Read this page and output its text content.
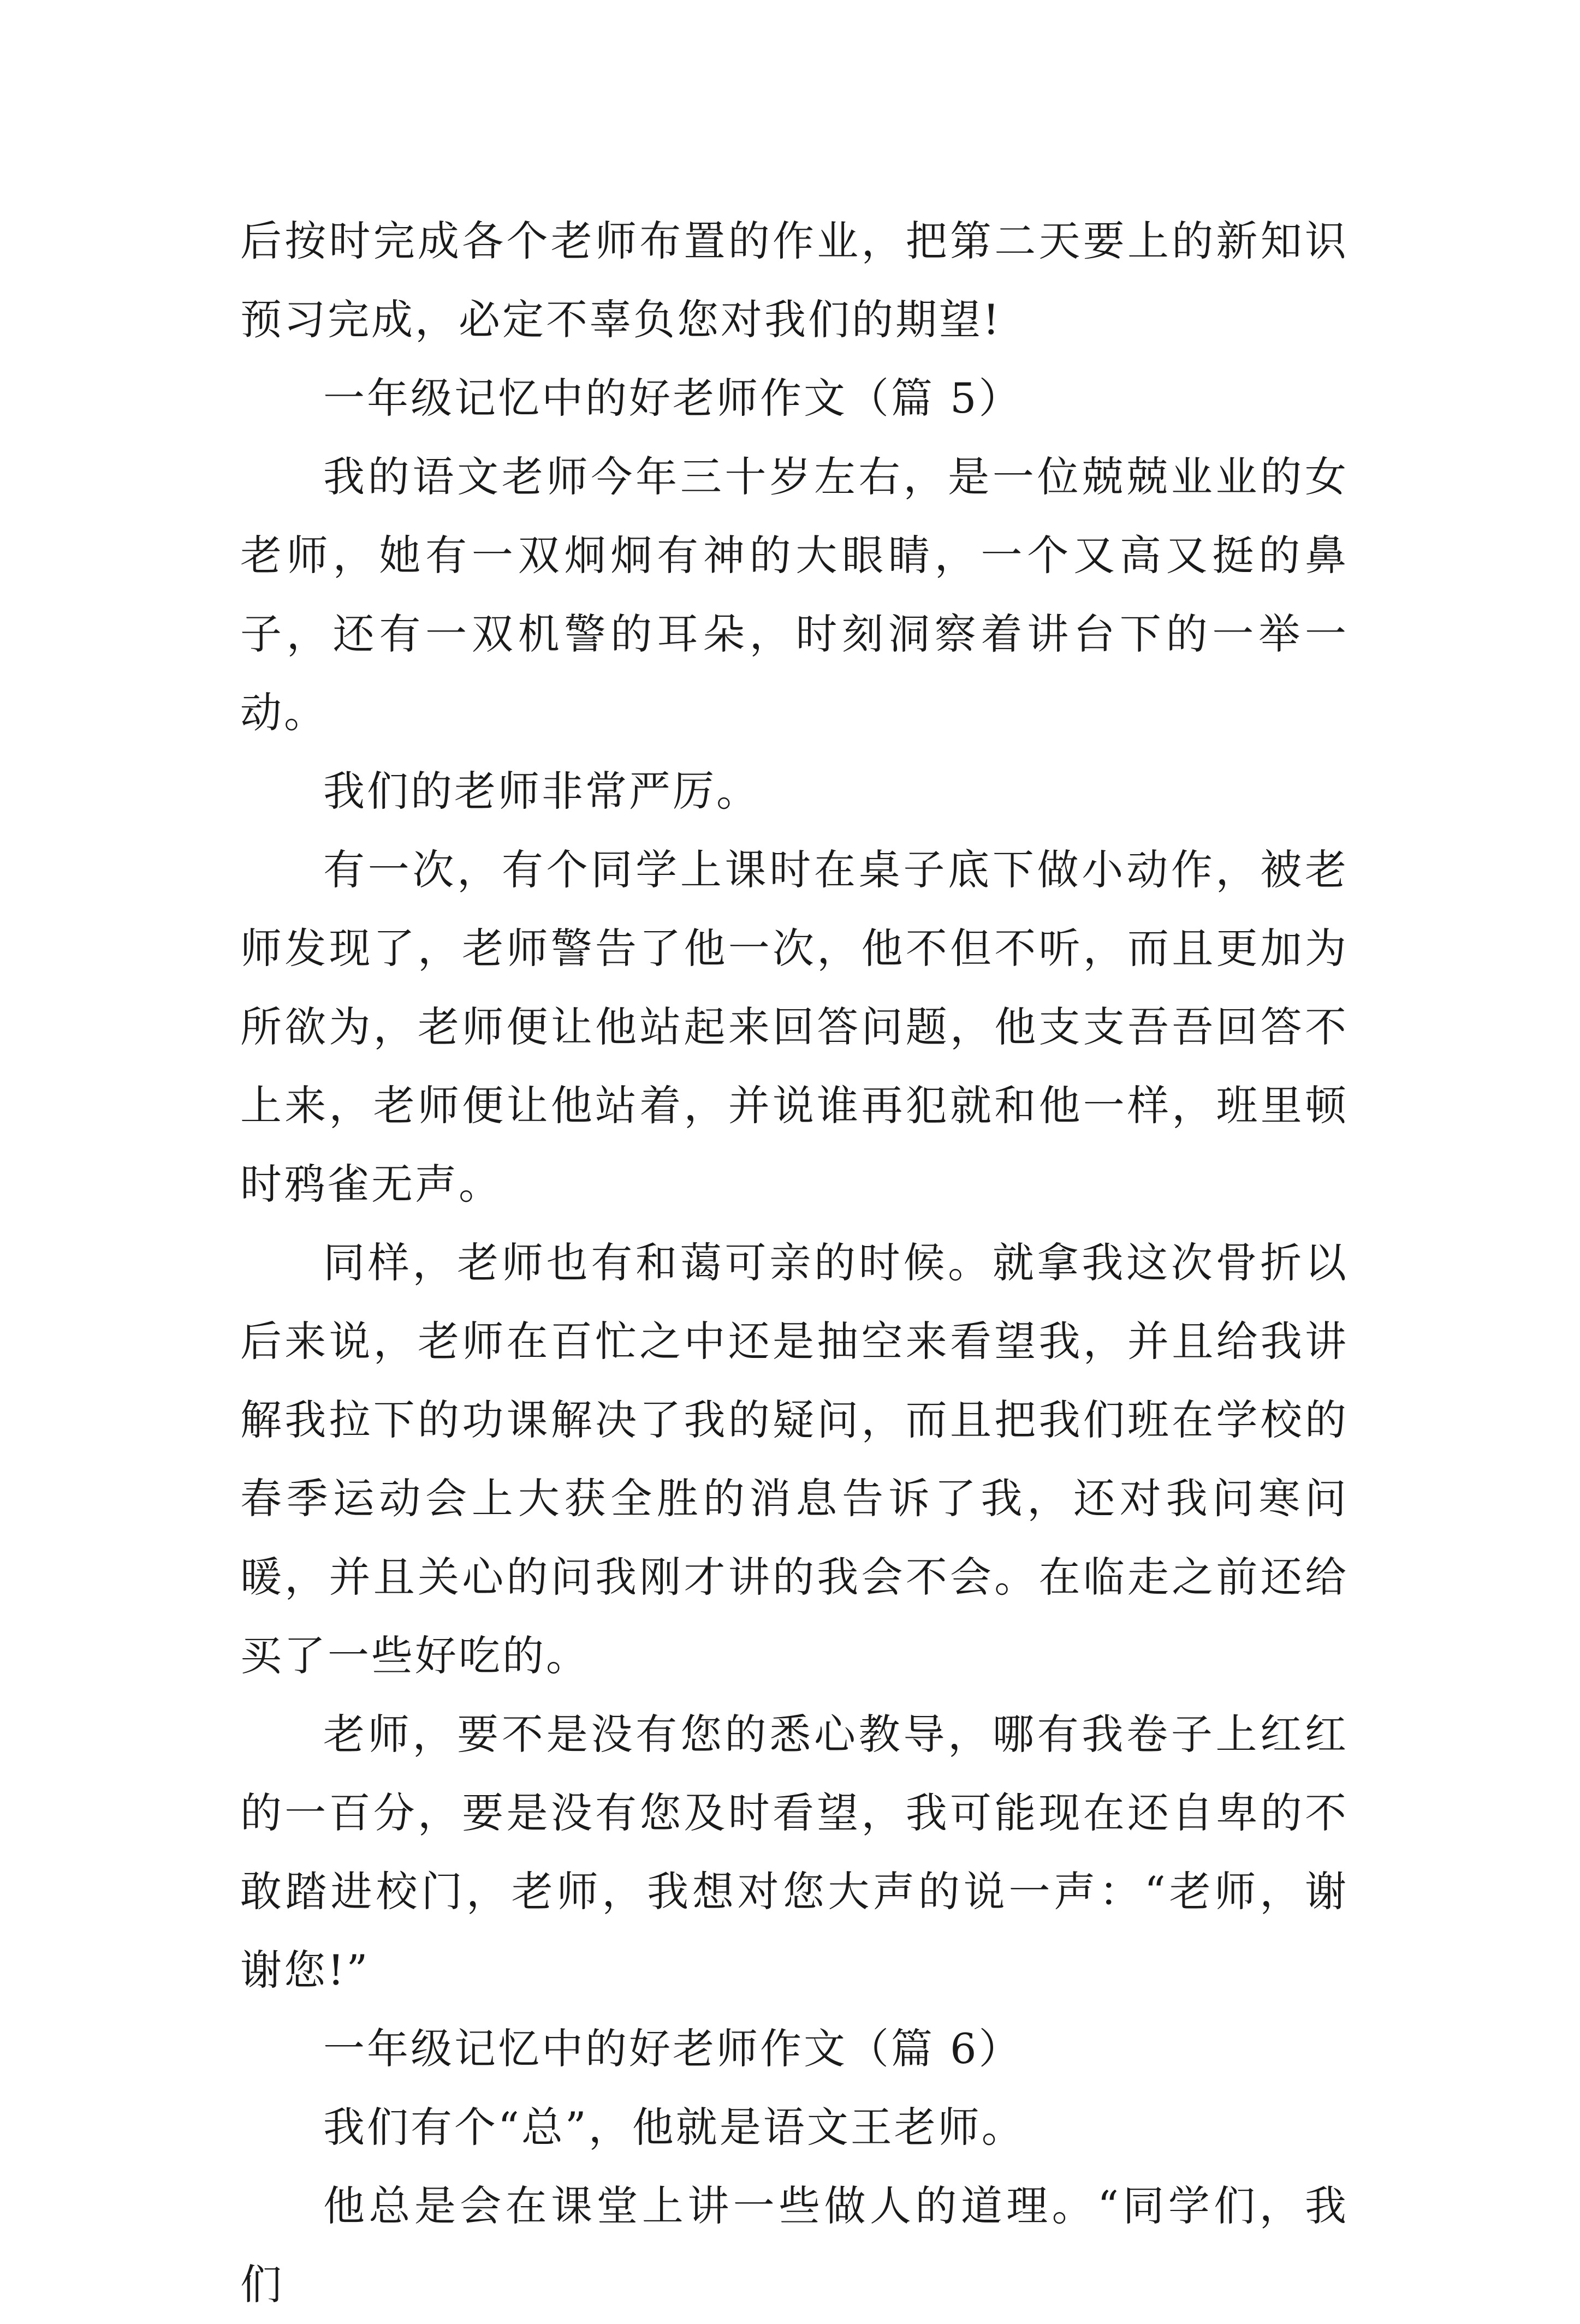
后按时完成各个老师布置的作业，把第二天要上的新知识预习完成，必定不辜负您对我们的期望!

一年级记忆中的好老师作文（篇 5）

我的语文老师今年三十岁左右，是一位兢兢业业的女老师，她有一双炯炯有神的大眼睛，一个又高又挺的鼻子，还有一双机警的耳朵，时刻洞察着讲台下的一举一动。

我们的老师非常严厉。

有一次，有个同学上课时在桌子底下做小动作，被老师发现了，老师警告了他一次，他不但不听，而且更加为所欲为，老师便让他站起来回答问题，他支支吾吾回答不上来，老师便让他站着，并说谁再犯就和他一样，班里顿时鸦雀无声。

同样，老师也有和蔼可亲的时候。就拿我这次骨折以后来说，老师在百忙之中还是抽空来看望我，并且给我讲解我拉下的功课解决了我的疑问，而且把我们班在学校的春季运动会上大获全胜的消息告诉了我，还对我问寒问暖，并且关心的问我刚才讲的我会不会。在临走之前还给买了一些好吃的。

老师，要不是没有您的悉心教导，哪有我卷子上红红的一百分，要是没有您及时看望，我可能现在还自卑的不敢踏进校门，老师，我想对您大声的说一声：“老师，谢谢您!”

一年级记忆中的好老师作文（篇 6）

我们有个“总”，他就是语文王老师。

他总是会在课堂上讲一些做人的道理。“同学们，我们
